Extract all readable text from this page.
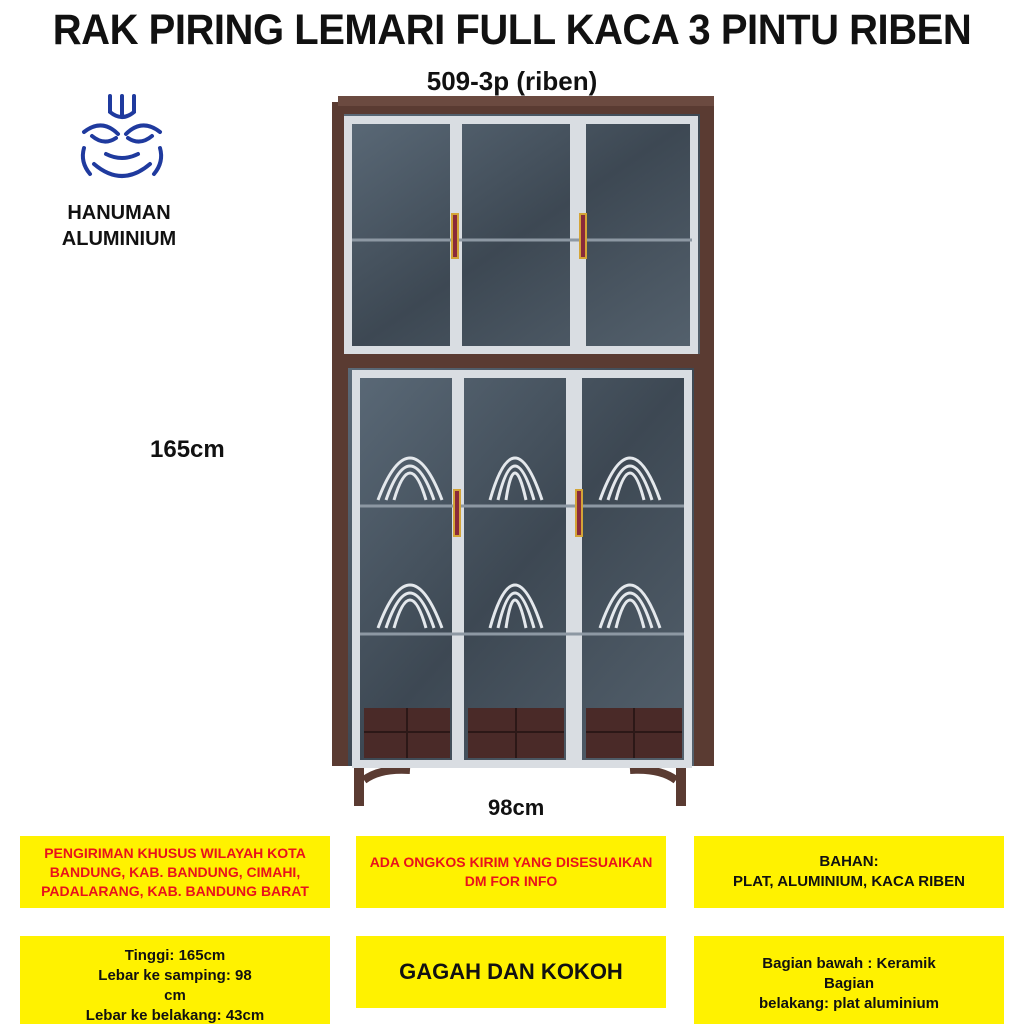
RAK PIRING LEMARI FULL KACA 3 PINTU RIBEN
509-3p (riben)
HANUMAN
ALUMINIUM
165cm
98cm
PENGIRIMAN KHUSUS WILAYAH KOTA
BANDUNG, KAB. BANDUNG, CIMAHI,
PADALARANG, KAB. BANDUNG BARAT
ADA ONGKOS KIRIM YANG DISESUAIKAN
DM FOR INFO
BAHAN:
PLAT, ALUMINIUM, KACA RIBEN
Tinggi: 165cm
Lebar ke samping: 98
cm
Lebar ke belakang: 43cm
GAGAH DAN KOKOH	Bagian bawah : Keramik
Bagian
belakang: plat aluminium
